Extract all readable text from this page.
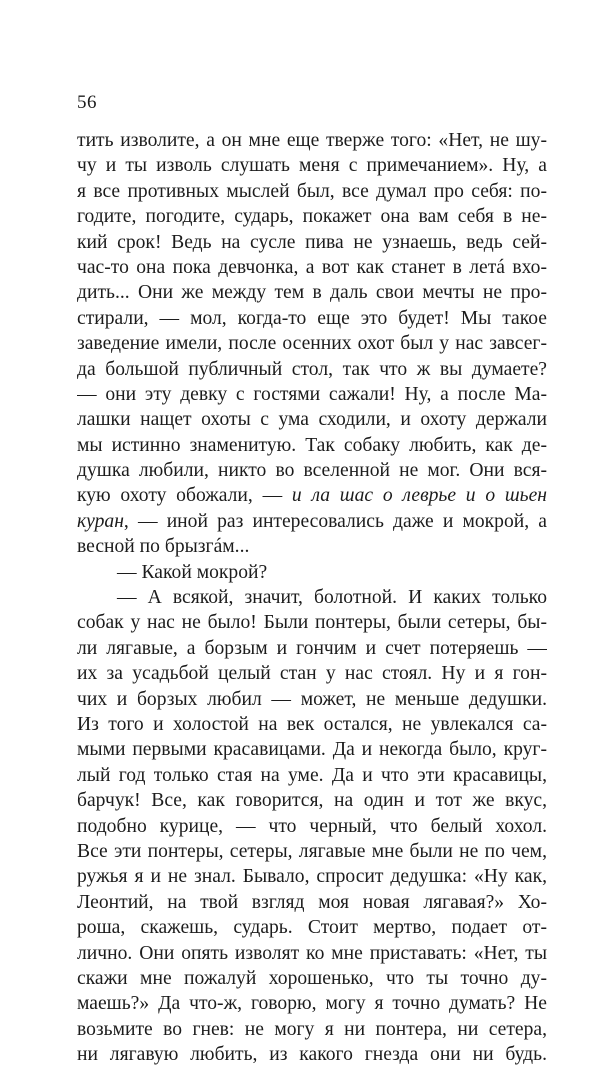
56
тить изволите, а он мне еще тверже того: «Нет, не шу-
чу и ты изволь слушать меня с примечанием». Ну, а
я все противных мыслей был, все думал про себя: по-
годите, погодите, сударь, покажет она вам себя в не-
кий срок! Ведь на сусле пива не узнаешь, ведь сей-
час-то она пока девчонка, а вот как станет в летá вхо-
дить... Они же между тем в даль свои мечты не про-
стирали, — мол, когда-то еще это будет! Мы такое
заведение имели, после осенних охот был у нас завсег-
да большой публичный стол, так что ж вы думаете?
— они эту девку с гостями сажали! Ну, а после Ма-
лашки нащет охоты с ума сходили, и охоту держали
мы истинно знаменитую. Так собаку любить, как де-
душка любили, никто во вселенной не мог. Они вся-
кую охоту обожали, — и ла шас о леврье и о шьен
куран, — иной раз интересовались даже и мокрой, а
весной по брызгáм...
— Какой мокрой?
— А всякой, значит, болотной. И каких только
собак у нас не было! Были понтеры, были сетеры, бы-
ли лягавые, а борзым и гончим и счет потеряешь —
их за усадьбой целый стан у нас стоял. Ну и я гон-
чих и борзых любил — может, не меньше дедушки.
Из того и холостой на век остался, не увлекался са-
мыми первыми красавицами. Да и некогда было, круг-
лый год только стая на уме. Да и что эти красавицы,
барчук! Все, как говорится, на один и тот же вкус,
подобно курице, — что черный, что белый хохол.
Все эти понтеры, сетеры, лягавые мне были не по чем,
ружья я и не знал. Бывало, спросит дедушка: «Ну как,
Леонтий, на твой взгляд моя новая лягавая?» Хо-
роша, скажешь, сударь. Стоит мертво, подает от-
лично. Они опять изволят ко мне приставать: «Нет, ты
скажи мне пожалуй хорошенько, что ты точно ду-
маешь?» Да что-ж, говорю, могу я точно думать? Не
возьмите во гнев: не могу я ни понтера, ни сетера,
ни лягавую любить, из какого гнезда они ни будь.
